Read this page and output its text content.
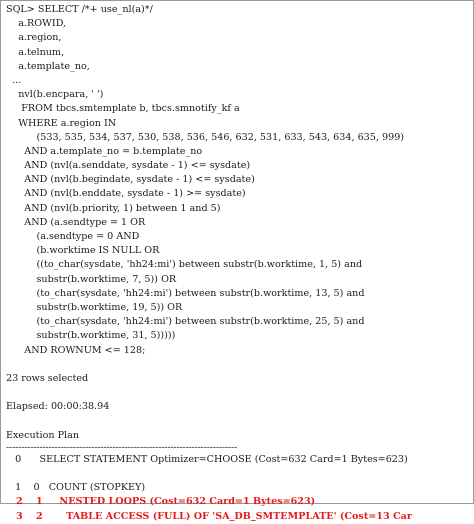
SQL> SELECT /*+ use_nl(a)*/
a.ROWID,
a.region,
a.telnum,
a.template_no,
...
nvl(b.encpara, ' ')
FROM tbcs.smtemplate b, tbcs.smnotify_kf a
WHERE a.region IN
(533, 535, 534, 537, 530, 538, 536, 546, 632, 531, 633, 543, 634, 635, 999)
AND a.template_no = b.template_no
AND (nvl(a.senddate, sysdate - 1) <= sysdate)
AND (nvl(b.begindate, sysdate - 1) <= sysdate)
AND (nvl(b.enddate, sysdate - 1) >= sysdate)
AND (nvl(b.priority, 1) between 1 and 5)
AND (a.sendtype = 1 OR
(a.sendtype = 0 AND
(b.worktime IS NULL OR
((to_char(sysdate, 'hh24:mi') between substr(b.worktime, 1, 5) and
substr(b.worktime, 7, 5)) OR
(to_char(sysdate, 'hh24:mi') between substr(b.worktime, 13, 5) and
substr(b.worktime, 19, 5)) OR
(to_char(sysdate, 'hh24:mi') between substr(b.worktime, 25, 5) and
substr(b.worktime, 31, 5)))))
AND ROWNUM <= 128;
23 rows selected
Elapsed: 00:00:38.94
Execution Plan
----------------------------------------------------------------------------
0      SELECT STATEMENT Optimizer=CHOOSE (Cost=632 Card=1 Bytes=623)
1    0   COUNT (STOPKEY)
2    1     NESTED LOOPS (Cost=632 Card=1 Bytes=623)
3    2       TABLE ACCESS (FULL) OF 'SA_DB_SMTEMPLATE' (Cost=13 Car
